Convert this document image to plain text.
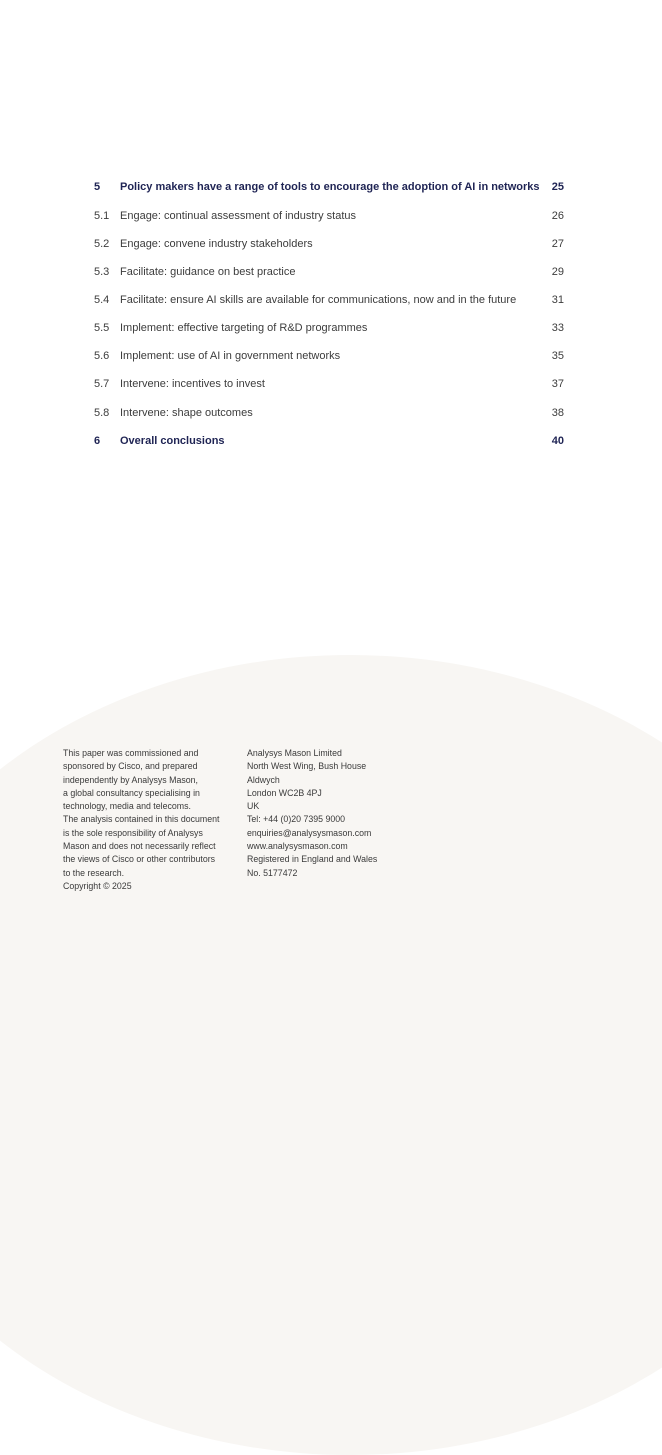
5 Policy makers have a range of tools to encourage the adoption of AI in networks 25
5.1 Engage: continual assessment of industry status	26
5.2 Engage: convene industry stakeholders	27
5.3 Facilitate: guidance on best practice	29
5.4 Facilitate: ensure AI skills are available for communications, now and in the future	31
5.5 Implement: effective targeting of R&D programmes	33
5.6 Implement: use of AI in government networks	35
5.7 Intervene: incentives to invest	37
5.8 Intervene: shape outcomes	38
6 Overall conclusions	40
This paper was commissioned and
sponsored by Cisco, and prepared
independently by Analysys Mason,
a global consultancy specialising in
technology, media and telecoms.
The analysis contained in this document
is the sole responsibility of Analysys
Mason and does not necessarily reflect
the views of Cisco or other contributors
to the research.
Copyright © 2025
Analysys Mason Limited
North West Wing, Bush House
Aldwych
London WC2B 4PJ
UK
Tel: +44 (0)20 7395 9000
enquiries@analysysmason.com
www.analysysmason.com
Registered in England and Wales
No. 5177472
